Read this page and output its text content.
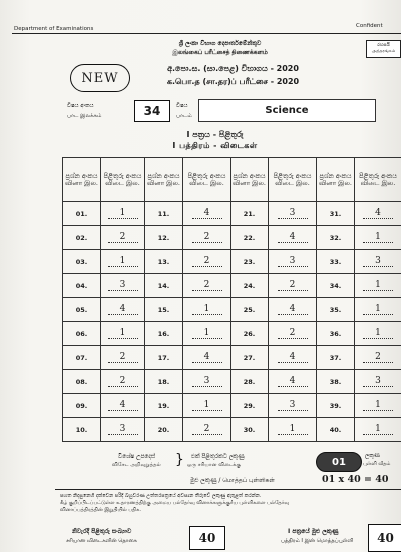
Department of Examinations	Confident
ශ්‍රී ලංකා විභාග දෙපාර්තමේන්තුව
இலங்கைப் பரீட்சைத் திணைக்களம்
රහසයි
அந்தரங்கம்
NEW
අ.පො.ස. (සා.පෙළ) විභාගය - 2020
க.பொ.த (சா.தர)ப் பரீட்சை - 2020
විෂය අංකය
பாட இலக்கம்	34	විෂය
பாடம்	Science
I පත්‍රය - පිළිතුරු
I பத்திரம் - விடைகள்
ප්‍රශ්න අංකය வினா இல.	පිළිතුරු අංකය விடை இல.	ප්‍රශ්න අංකය வினா இல.	පිළිතුරු අංකය விடை இல.	ප්‍රශ්න අංකය வினா இல.	පිළිතුරු අංකය விடை இல.	ප්‍රශ්න අංකය வினா இல.	පිළිතුරු අංකය விடை இல.
01.	1	11.	4	21.	3	31.	4
02.	2	12.	2	22.	4	32.	1
03.	1	13.	2	23.	3	33.	3
04.	3	14.	2	24.	2	34.	1
05.	4	15.	1	25.	4	35.	1
06.	1	16.	1	26.	2	36.	1
07.	2	17.	4	27.	4	37.	2
08.	2	18.	3	28.	4	38.	3
09.	4	19.	1	29.	3	39.	1
10.	3	20.	2	30.	1	40.	1
විශේෂ උපදෙස්
விசேட அறிவுறுத்தல் } එක් පිළිතුරකට ලකුණු
ஒரு சரியான விடைக்கு	01
ලකුණ
புள்ளி வீதம்
මුළු ලකුණු / மொத்தப் புள்ளிகள்	01 x 40 = 40
පහත නිදසුනෙහි දක්වෙන පරිදි බහුවරණ උත්තරපත්‍රයේ අවසාන තීරුවේ ලකුණු ඇතුළත් කරන්න.
கீழ் குறிப்பிடப்பட்டுள்ள உதாரணத்திற்கு அமைய பல்தேர்வு வினாக்களுக்குரிய புள்ளிகளை பல்தேர்வு
வினாப்பத்திரத்தின் இறுதியில் பதிக.
නිවැරදි පිළිතුරු සංඛ්‍යාව
சரியான விடைகளின் தொகை	40	I පත්‍රයේ මුළු ලකුණු
பத்திரம் I இன் மொத்தப்புள்ளி	40
